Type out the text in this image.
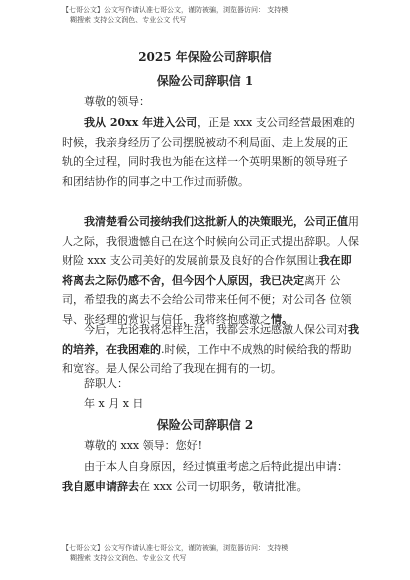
【七哥公文】公文写作请认准七哥公文，谨防被骗，浏览器访问： 支持模
糊搜索 支持公文润色、专业公文 代写
2025 年保险公司辞职信
保险公司辞职信 1
尊敬的领导：
我从 20xx 年进入公司，正是 xxx 支公司经营最困难的时候，我亲身经历了公司摆脱被动不利局面、走上发展的正 轨的全过程，同时我也为能在这样一个英明果断的领导班子 和团结协作的同事之中工作过而骄傲。
我清楚看公司接纳我们这批新人的决策眼光，公司正值用人之际，我很遗憾自己在这个时候向公司正式提出辞职。人保财险 xxx 支公司美好的发展前景及良好的合作氛围让我在即将离去之际仍感不舍，但今因个人原因，我已决定离开 公司，希望我的离去不会给公司带来任何不便；对公司各 位领导、张经理的赏识与信任，我将终抱感激之情。
今后，无论我将怎样生活，我都会永远感激人保公司对我的培养，在我困难的.时候，工作中不成熟的时候给我的帮助和宽容。是人保公司给了我现在拥有的一切。
辞职人：
年 x 月 x 日
保险公司辞职信 2
尊敬的 xxx 领导：您好!
由于本人自身原因，经过慎重考虑之后特此提出申请：
我自愿申请辞去在 xxx 公司一切职务，敬请批准。
【七哥公文】公文写作请认准七哥公文，谨防被骗，浏览器访问： 支持模
糊搜索 支持公文润色、专业公文 代写
